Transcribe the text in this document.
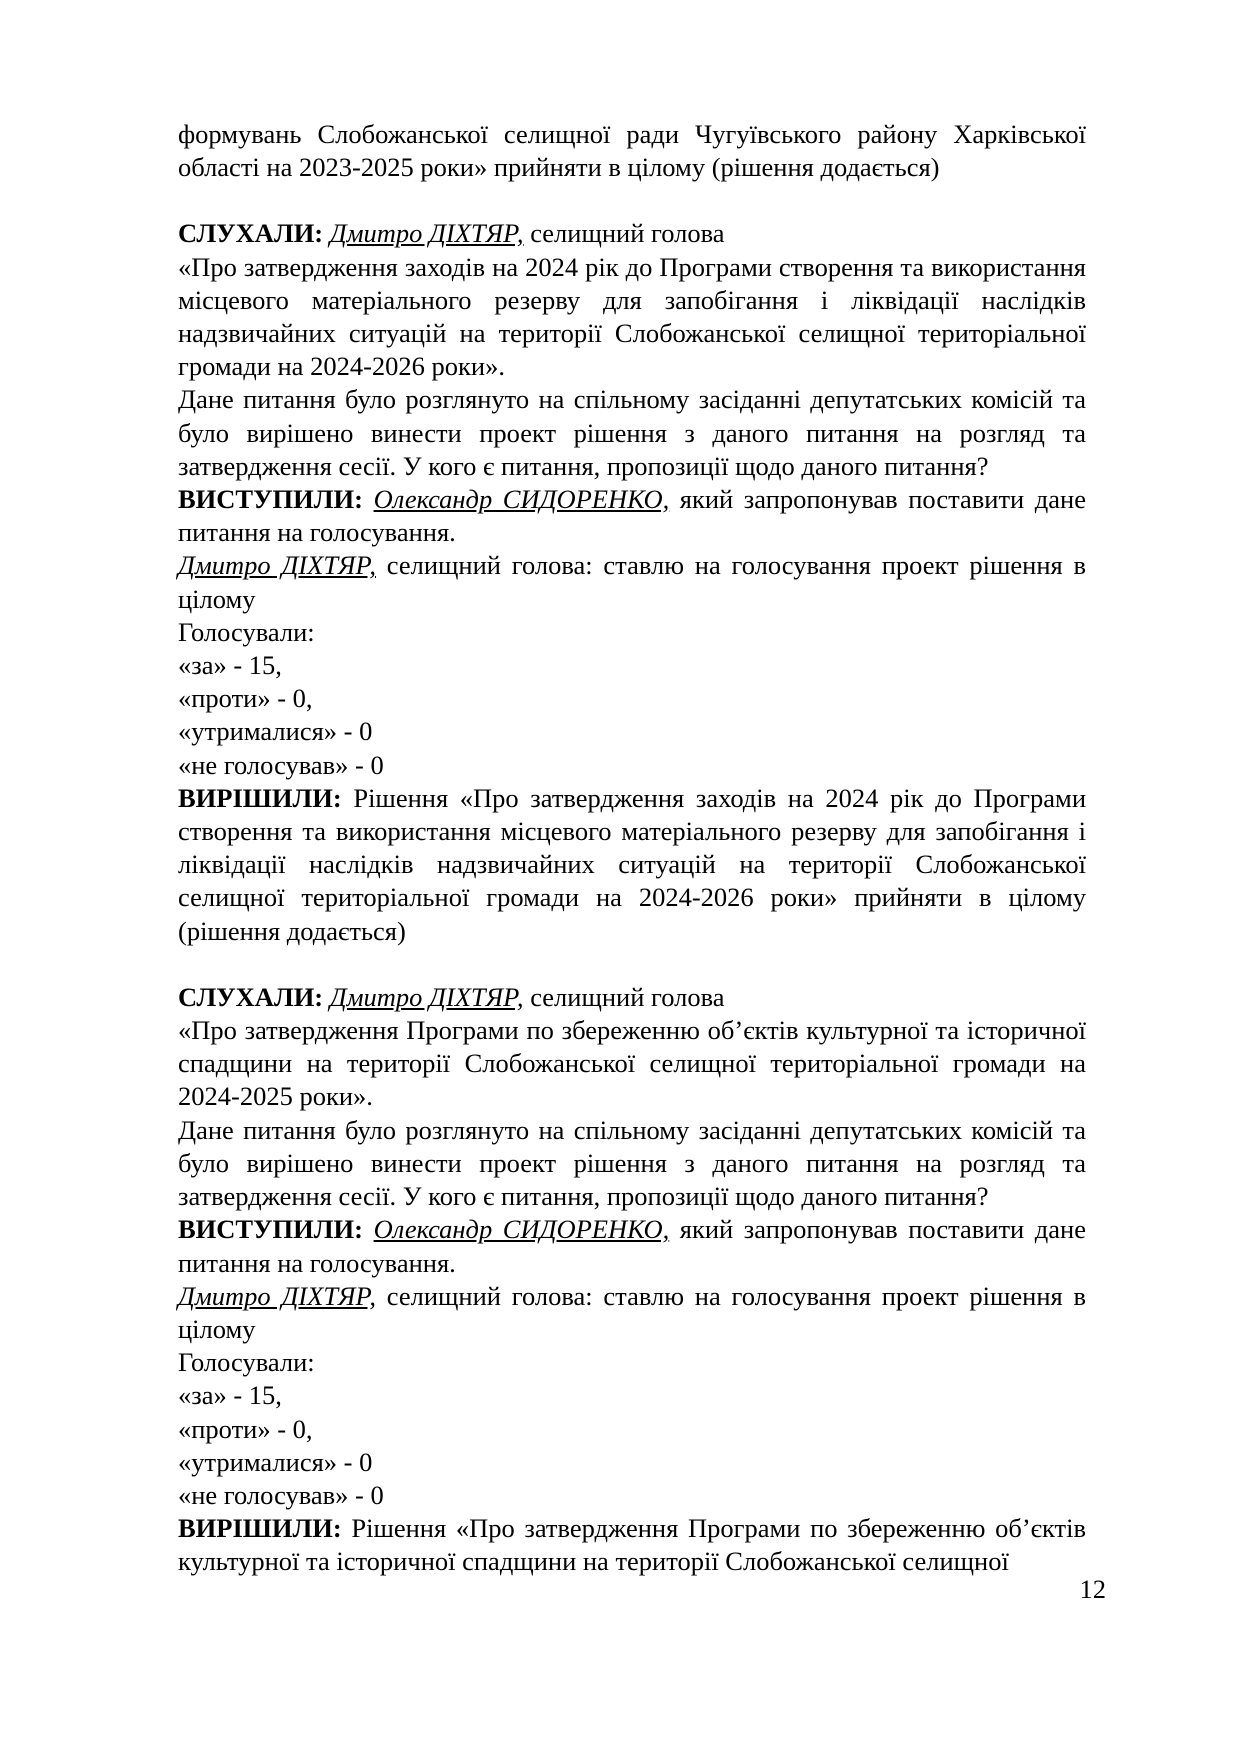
формувань Слобожанської селищної ради Чугуївського району Харківської області на 2023-2025 роки» прийняти в цілому (рішення додається)

СЛУХАЛИ: Дмитро ДІХТЯР, селищний голова

«Про затвердження заходів на 2024 рік до Програми створення та використання місцевого матеріального резерву для запобігання і ліквідації наслідків надзвичайних ситуацій на території Слобожанської селищної територіальної громади на 2024-2026 роки».

Дане питання було розглянуто на спільному засіданні депутатських комісій та було вирішено винести проект рішення з даного питання на розгляд та затвердження сесії. У кого є питання, пропозиції щодо даного питання?

ВИСТУПИЛИ: Олександр СИДОРЕНКО, який запропонував поставити дане питання на голосування.

Дмитро ДІХТЯР, селищний голова: ставлю на голосування проект рішення в цілому

Голосували:

«за» - 15,

«проти» - 0,

«утрималися» - 0

«не голосував» - 0

ВИРІШИЛИ: Рішення «Про затвердження заходів на 2024 рік до Програми створення та використання місцевого матеріального резерву для запобігання і ліквідації наслідків надзвичайних ситуацій на території Слобожанської селищної територіальної громади на 2024-2026 роки» прийняти в цілому (рішення додається)

СЛУХАЛИ: Дмитро ДІХТЯР, селищний голова

«Про затвердження Програми по збереженню об’єктів культурної та історичної спадщини на території Слобожанської селищної територіальної громади на 2024-2025 роки».

Дане питання було розглянуто на спільному засіданні депутатських комісій та було вирішено винести проект рішення з даного питання на розгляд та затвердження сесії. У кого є питання, пропозиції щодо даного питання?

ВИСТУПИЛИ: Олександр СИДОРЕНКО, який запропонував поставити дане питання на голосування.

Дмитро ДІХТЯР, селищний голова: ставлю на голосування проект рішення в цілому

Голосували:

«за» - 15,

«проти» - 0,

«утрималися» - 0

«не голосував» - 0

ВИРІШИЛИ: Рішення «Про затвердження Програми по збереженню об’єктів культурної та історичної спадщини на території Слобожанської селищної

12
